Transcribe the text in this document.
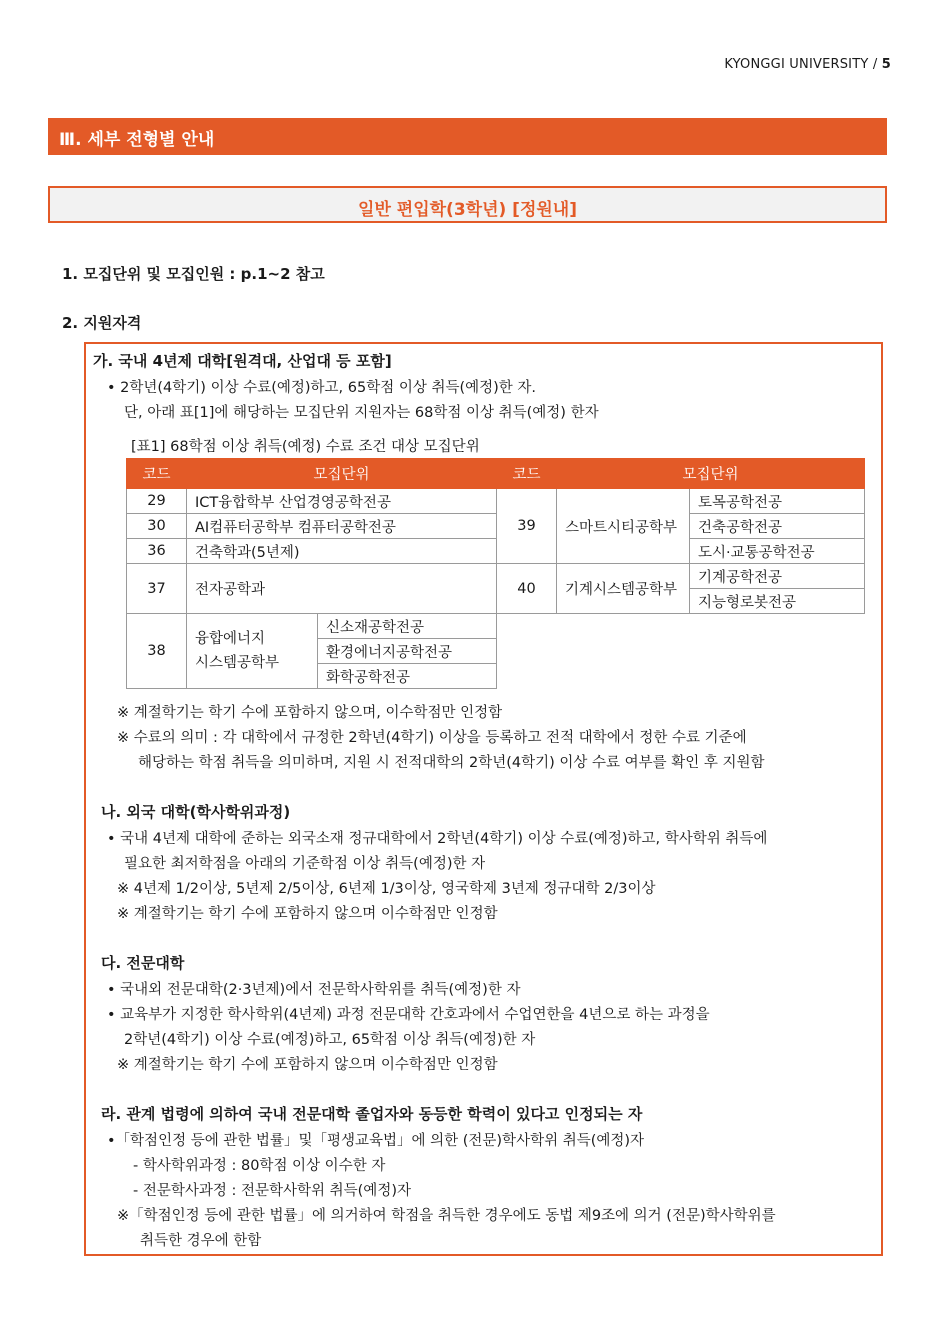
KYONGGI UNIVERSITY / 5
Ⅲ. 세부 전형별 안내
일반 편입학(3학년) [정원내]
1. 모집단위 및 모집인원 : p.1~2 참고
2. 지원자격
가. 국내 4년제 대학[원격대, 산업대 등 포함]
• 2학년(4학기) 이상 수료(예정)하고, 65학점 이상 취득(예정)한 자.
단, 아래 표[1]에 해당하는 모집단위 지원자는 68학점 이상 취득(예정) 한자
[표1] 68학점 이상 취득(예정) 수료 조건 대상 모집단위
코드	모집단위		코드	모집단위	
29	ICT융합학부 산업경영공학전공		39	스마트시티공학부	토목공학전공
30	AI컴퓨터공학부 컴퓨터공학전공				건축공학전공
36	건축학과(5년제)				도시·교통공학전공
37	전자공학과		40	기계시스템공학부	기계공학전공
					지능형로봇전공
38	융합에너지
시스템공학부	신소재공학전공			
		환경에너지공학전공			
		화학공학전공			
※ 계절학기는 학기 수에 포함하지 않으며, 이수학점만 인정함
※ 수료의 의미 : 각 대학에서 규정한 2학년(4학기) 이상을 등록하고 전적 대학에서 정한 수료 기준에
해당하는 학점 취득을 의미하며, 지원 시 전적대학의 2학년(4학기) 이상 수료 여부를 확인 후 지원함
나. 외국 대학(학사학위과정)
• 국내 4년제 대학에 준하는 외국소재 정규대학에서 2학년(4학기) 이상 수료(예정)하고, 학사학위 취득에
필요한 최저학점을 아래의 기준학점 이상 취득(예정)한 자
※ 4년제 1/2이상, 5년제 2/5이상, 6년제 1/3이상, 영국학제 3년제 정규대학 2/3이상
※ 계절학기는 학기 수에 포함하지 않으며 이수학점만 인정함
다. 전문대학
• 국내외 전문대학(2·3년제)에서 전문학사학위를 취득(예정)한 자
• 교육부가 지정한 학사학위(4년제) 과정 전문대학 간호과에서 수업연한을 4년으로 하는 과정을
2학년(4학기) 이상 수료(예정)하고, 65학점 이상 취득(예정)한 자
※ 계절학기는 학기 수에 포함하지 않으며 이수학점만 인정함
라. 관계 법령에 의하여 국내 전문대학 졸업자와 동등한 학력이 있다고 인정되는 자
•「학점인정 등에 관한 법률」및「평생교육법」에 의한 (전문)학사학위 취득(예정)자
- 학사학위과정 : 80학점 이상 이수한 자
- 전문학사과정 : 전문학사학위 취득(예정)자
※「학점인정 등에 관한 법률」에 의거하여 학점을 취득한 경우에도 동법 제9조에 의거 (전문)학사학위를
취득한 경우에 한함
